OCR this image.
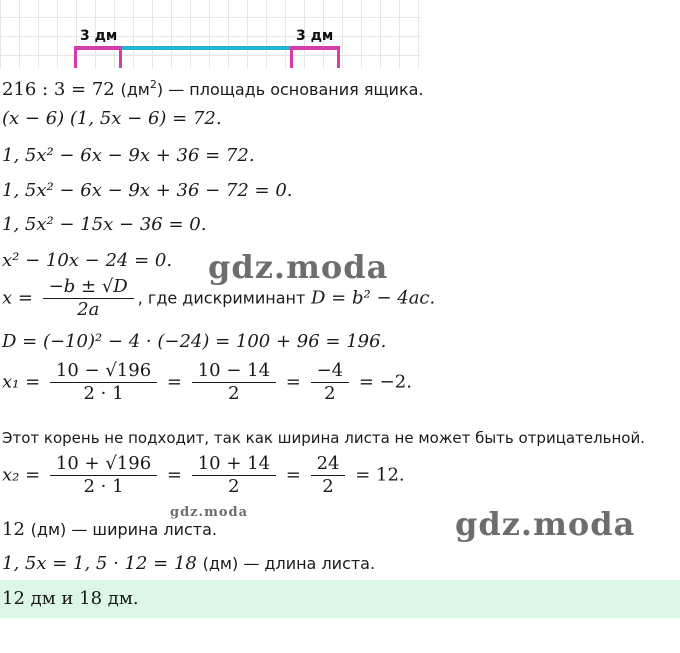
3 дм	3 дм
216 : 3 = 72 $(дм^2)$ — площадь основания ящика.
(x − 6) (1, 5x − 6) = 72.
1, 5x² − 6x − 9x + 36 = 72.
1, 5x² − 6x − 9x + 36 − 72 = 0.
1, 5x² − 15x − 36 = 0.
x² − 10x − 24 = 0.
$x = \frac{-b \pm √D}{2a}$ , где дискриминант D = b² − 4ac.
D = (−10)² − 4 · (−24) = 100 + 96 = 196.
$x_1 = \frac{10 - √196}{2 \cdot 1} = \frac{10 - 14}{2} = \frac{-4}{2} = -2$.
Этот корень не подходит, так как ширина листа не может быть отрицательной.
$x_2 = \frac{10 + √196}{2 \cdot 1} = \frac{10 + 14}{2} = \frac{24}{2} = 12$.
12 (дм) — ширина листа.
1, 5x = 1, 5 · 12 = 18 (дм) — длина листа.
12 дм и 18 дм.
gdz.moda
gdz.moda	gdz.moda
